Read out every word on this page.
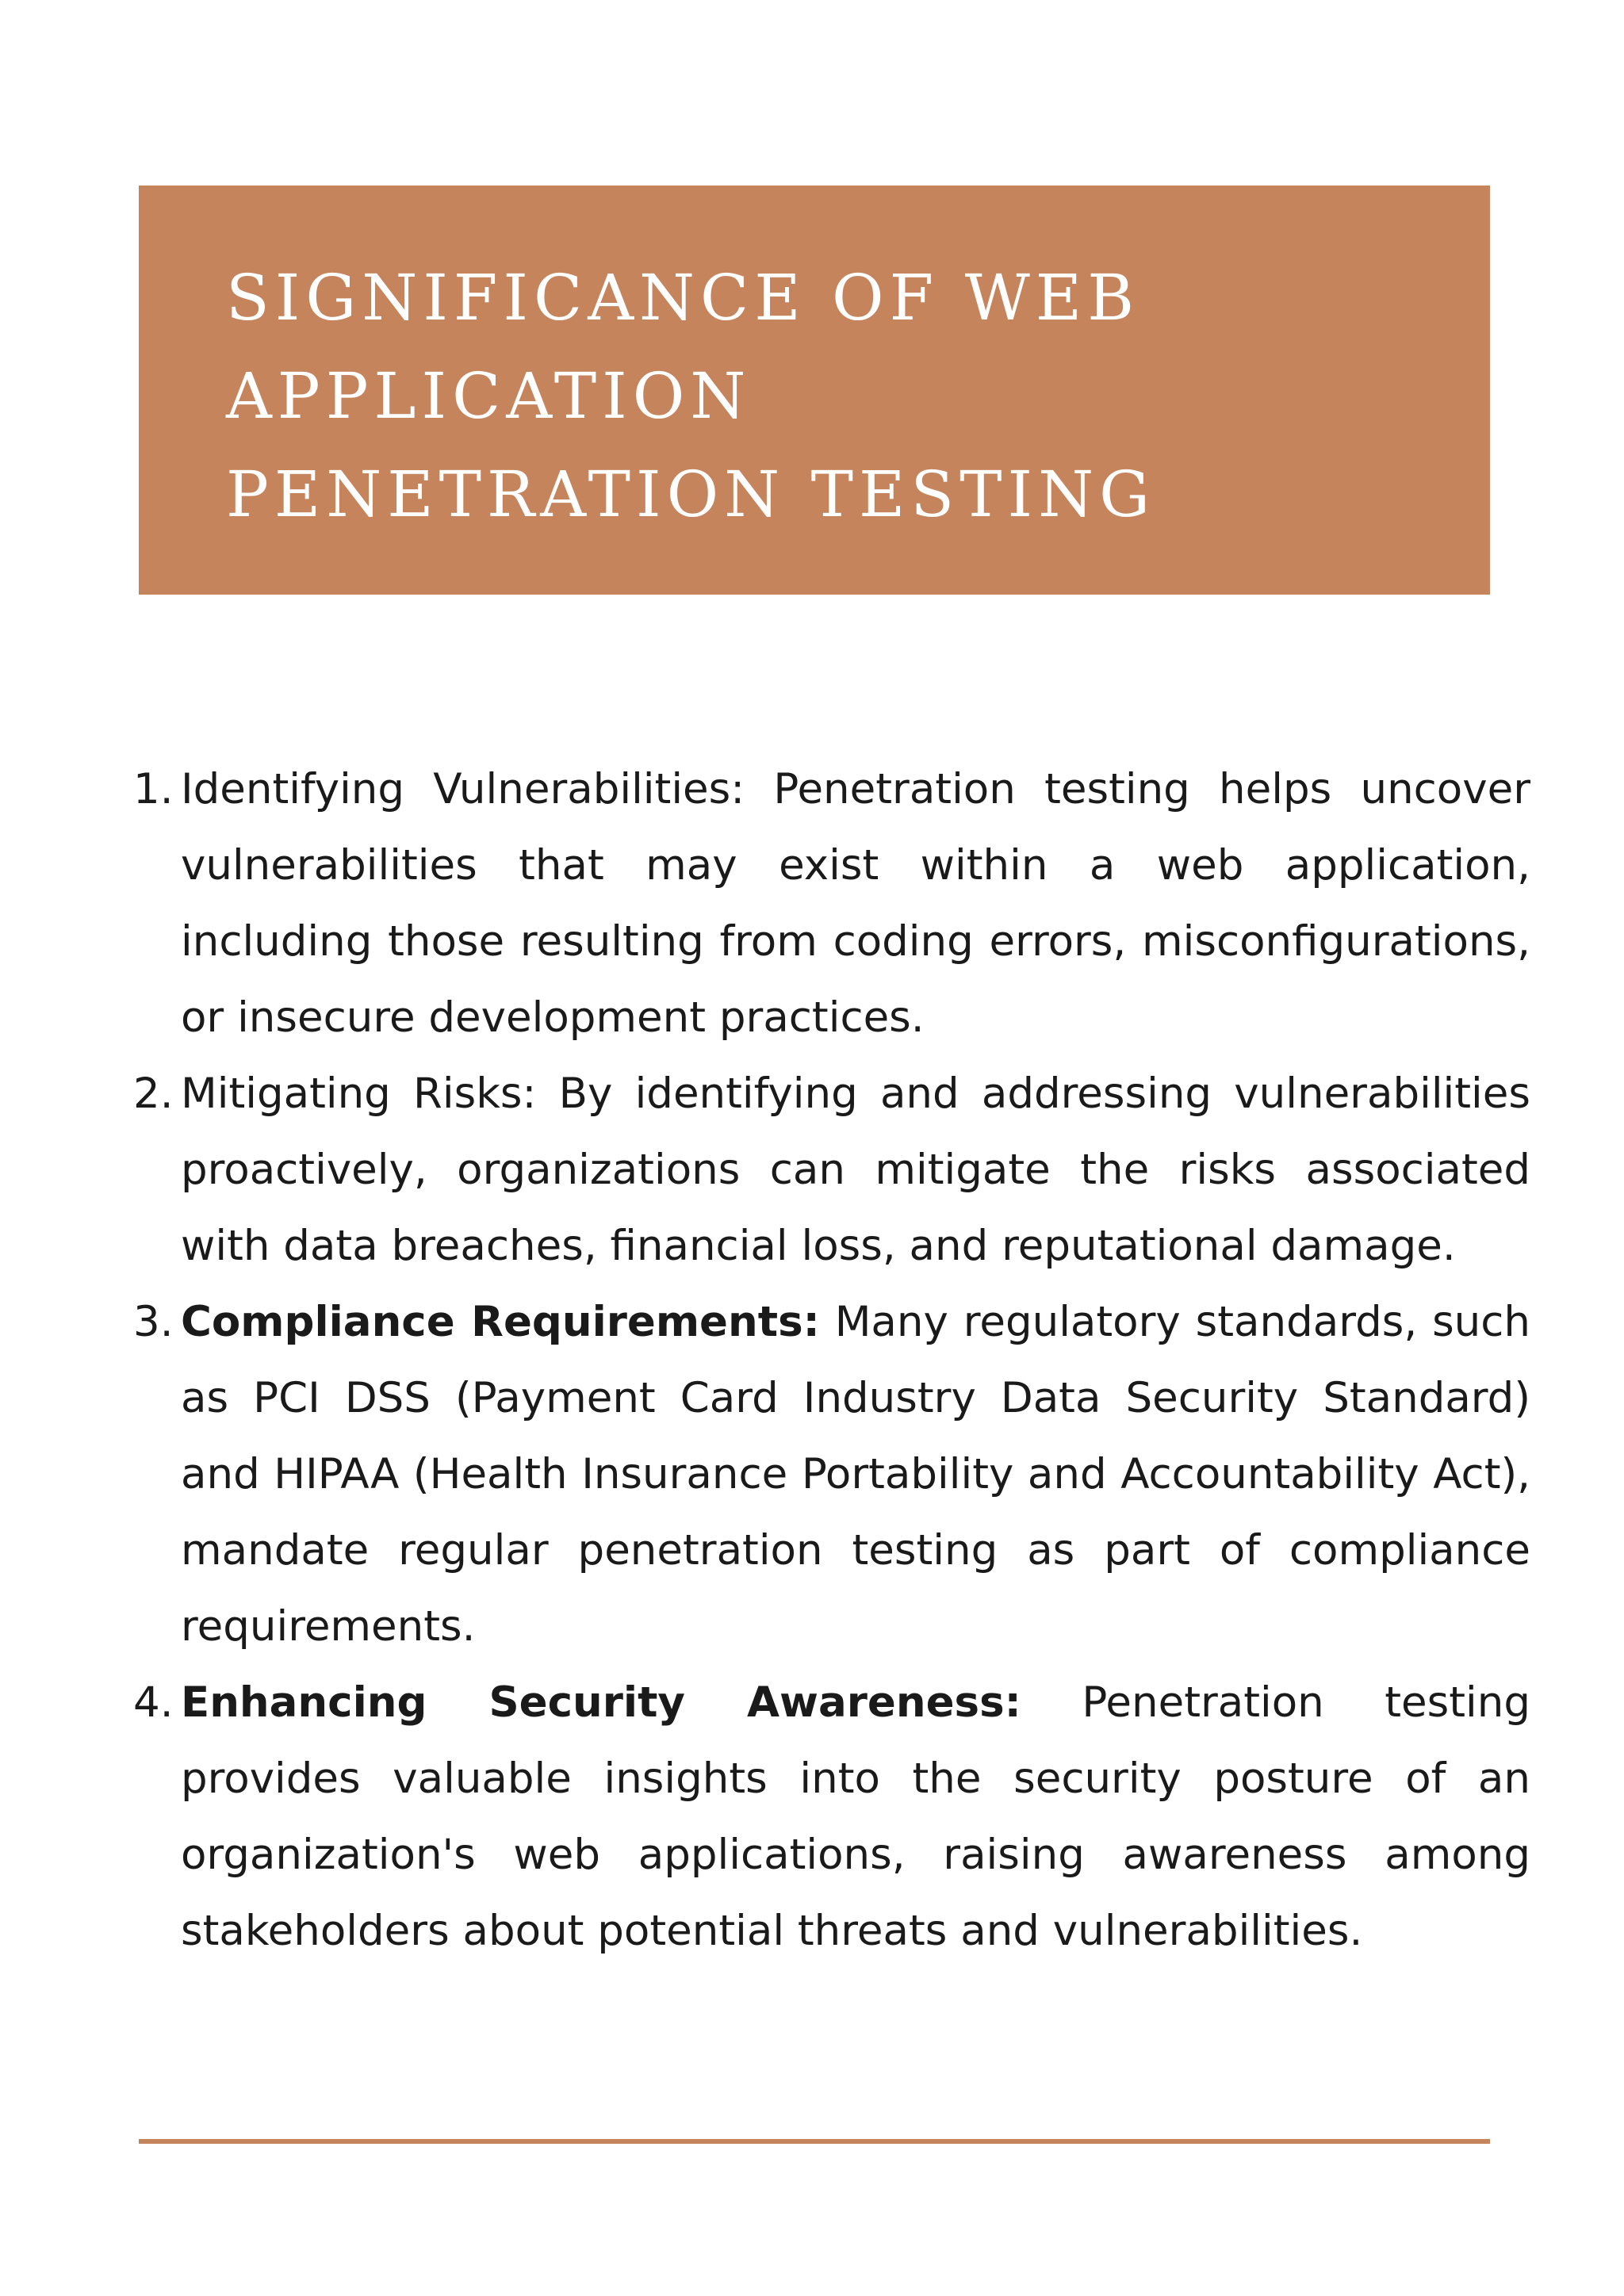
SIGNIFICANCE OF WEB
APPLICATION
PENETRATION TESTING
1. Identifying Vulnerabilities: Penetration testing helps uncover vulnerabilities that may exist within a web application, including those resulting from coding errors, misconfigurations, or insecure development practices.
2. Mitigating Risks: By identifying and addressing vulnerabilities proactively, organizations can mitigate the risks associated with data breaches, financial loss, and reputational damage.
3. Compliance Requirements: Many regulatory standards, such as PCI DSS (Payment Card Industry Data Security Standard) and HIPAA (Health Insurance Portability and Accountability Act), mandate regular penetration testing as part of compliance requirements.
4. Enhancing Security Awareness: Penetration testing provides valuable insights into the security posture of an organization's web applications, raising awareness among stakeholders about potential threats and vulnerabilities.
